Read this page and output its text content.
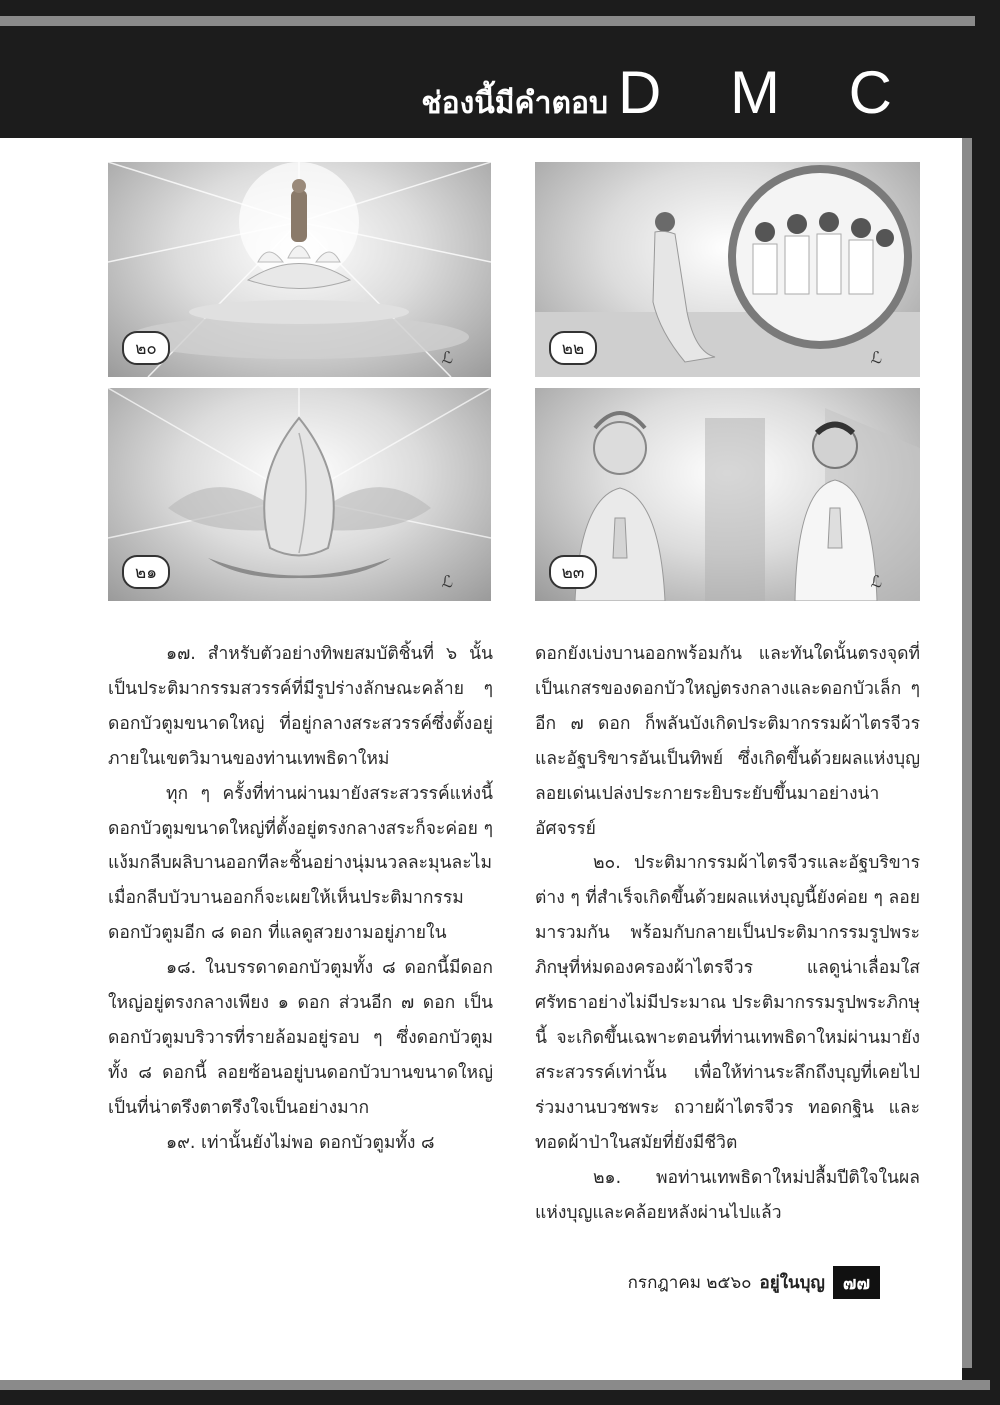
ช่องนี้มีคำตอบ D M C
๒๐	ℒ
๒๑	ℒ
๒๒	ℒ
๒๓	ℒ

๑๗. สำหรับตัวอย่างทิพยสมบัติชิ้นที่ ๖ นั้น เป็นประติมากรรมสวรรค์ที่มีรูปร่างลักษณะคล้าย ๆ ดอกบัวตูมขนาดใหญ่ ที่อยู่กลางสระสวรรค์ซึ่งตั้งอยู่ภายในเขตวิมานของท่านเทพธิดาใหม่

ทุก ๆ ครั้งที่ท่านผ่านมายังสระสวรรค์แห่งนี้ ดอกบัวตูมขนาดใหญ่ที่ตั้งอยู่ตรงกลางสระก็จะค่อย ๆ แง้มกลีบผลิบานออกทีละชิ้นอย่างนุ่มนวลละมุนละไม เมื่อกลีบบัวบานออกก็จะเผยให้เห็นประติมากรรมดอกบัวตูมอีก ๘ ดอก ที่แลดูสวยงามอยู่ภายใน

๑๘. ในบรรดาดอกบัวตูมทั้ง ๘ ดอกนี้มีดอกใหญ่อยู่ตรงกลางเพียง ๑ ดอก ส่วนอีก ๗ ดอก เป็นดอกบัวตูมบริวารที่รายล้อมอยู่รอบ ๆ ซึ่งดอกบัวตูมทั้ง ๘ ดอกนี้ ลอยซ้อนอยู่บนดอกบัวบานขนาดใหญ่ เป็นที่น่าตรึงตาตรึงใจเป็นอย่างมาก

๑๙. เท่านั้นยังไม่พอ ดอกบัวตูมทั้ง ๘

ดอกยังเบ่งบานออกพร้อมกัน และทันใดนั้นตรงจุดที่เป็นเกสรของดอกบัวใหญ่ตรงกลางและดอกบัวเล็ก ๆ อีก ๗ ดอก ก็พลันบังเกิดประติมากรรมผ้าไตรจีวรและอัฐบริขารอันเป็นทิพย์ ซึ่งเกิดขึ้นด้วยผลแห่งบุญ ลอยเด่นเปล่งประกายระยิบระยับขึ้นมาอย่างน่าอัศจรรย์

๒๐. ประติมากรรมผ้าไตรจีวรและอัฐบริขารต่าง ๆ ที่สำเร็จเกิดขึ้นด้วยผลแห่งบุญนี้ยังค่อย ๆ ลอยมารวมกัน พร้อมกับกลายเป็นประติมากรรมรูปพระภิกษุที่ห่มดองครองผ้าไตรจีวร แลดูน่าเลื่อมใสศรัทธาอย่างไม่มีประมาณ ประติมากรรมรูปพระภิกษุนี้ จะเกิดขึ้นเฉพาะตอนที่ท่านเทพธิดาใหม่ผ่านมายังสระสวรรค์เท่านั้น เพื่อให้ท่านระลึกถึงบุญที่เคยไปร่วมงานบวชพระ ถวายผ้าไตรจีวร ทอดกฐิน และทอดผ้าป่าในสมัยที่ยังมีชีวิต

๒๑. พอท่านเทพธิดาใหม่ปลื้มปีติใจในผลแห่งบุญและคล้อยหลังผ่านไปแล้ว

กรกฎาคม ๒๕๖๐ อยู่ในบุญ	๗๗
